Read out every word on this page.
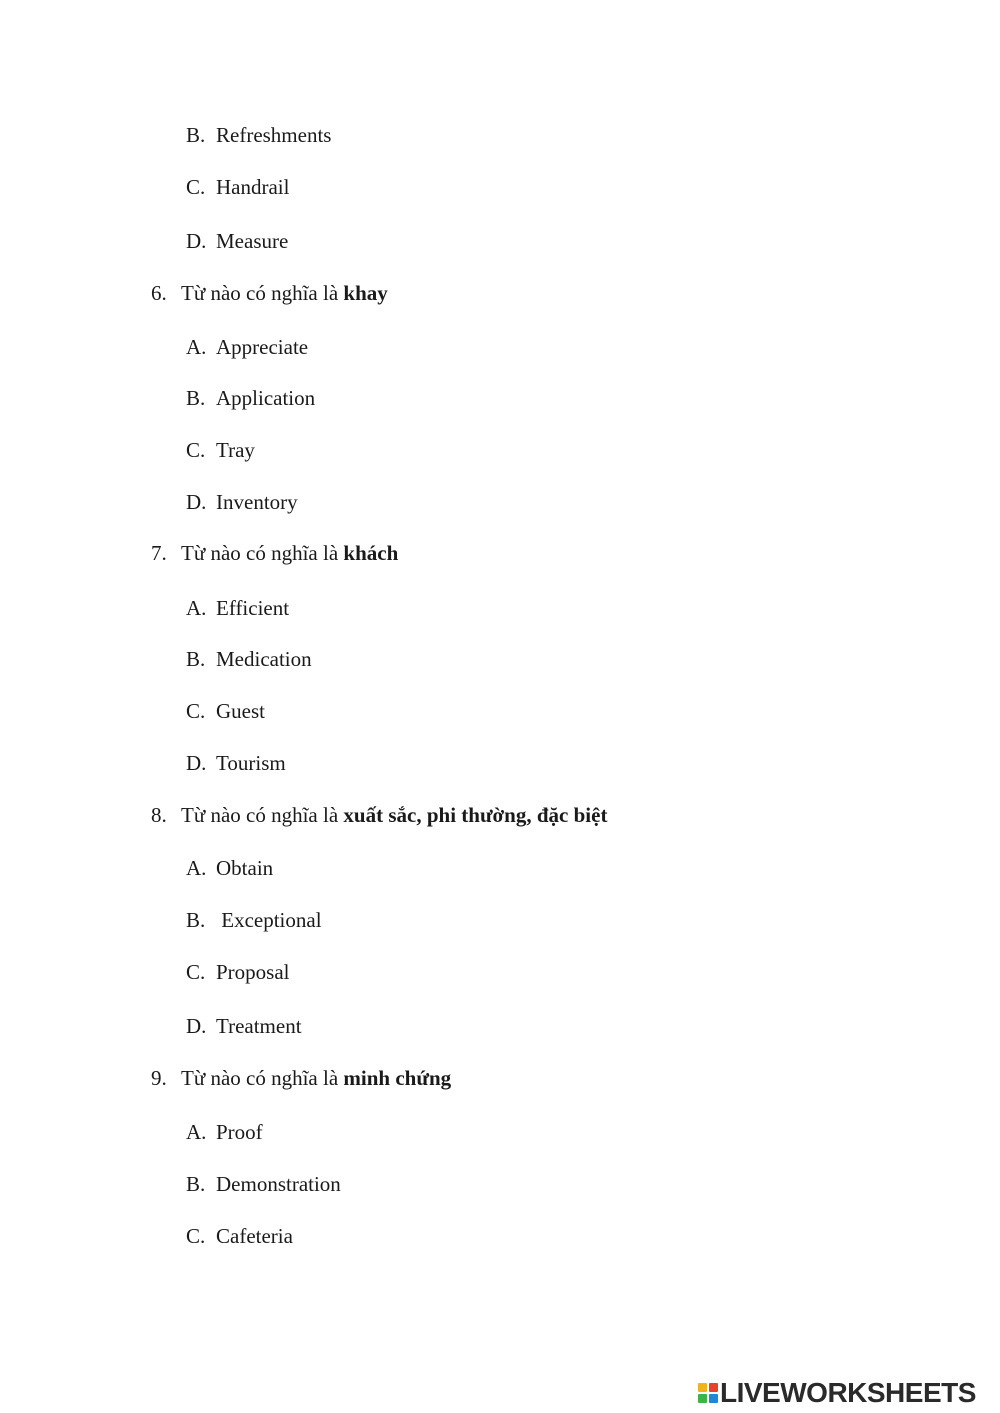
B. Refreshments
C. Handrail
D. Measure
6. Từ nào có nghĩa là khay
A. Appreciate
B. Application
C. Tray
D. Inventory
7. Từ nào có nghĩa là khách
A. Efficient
B. Medication
C. Guest
D. Tourism
8. Từ nào có nghĩa là xuất sắc, phi thường, đặc biệt
A. Obtain
B. Exceptional
C. Proposal
D. Treatment
9. Từ nào có nghĩa là minh chứng
A. Proof
B. Demonstration
C. Cafeteria
LIVEWORKSHEETS
